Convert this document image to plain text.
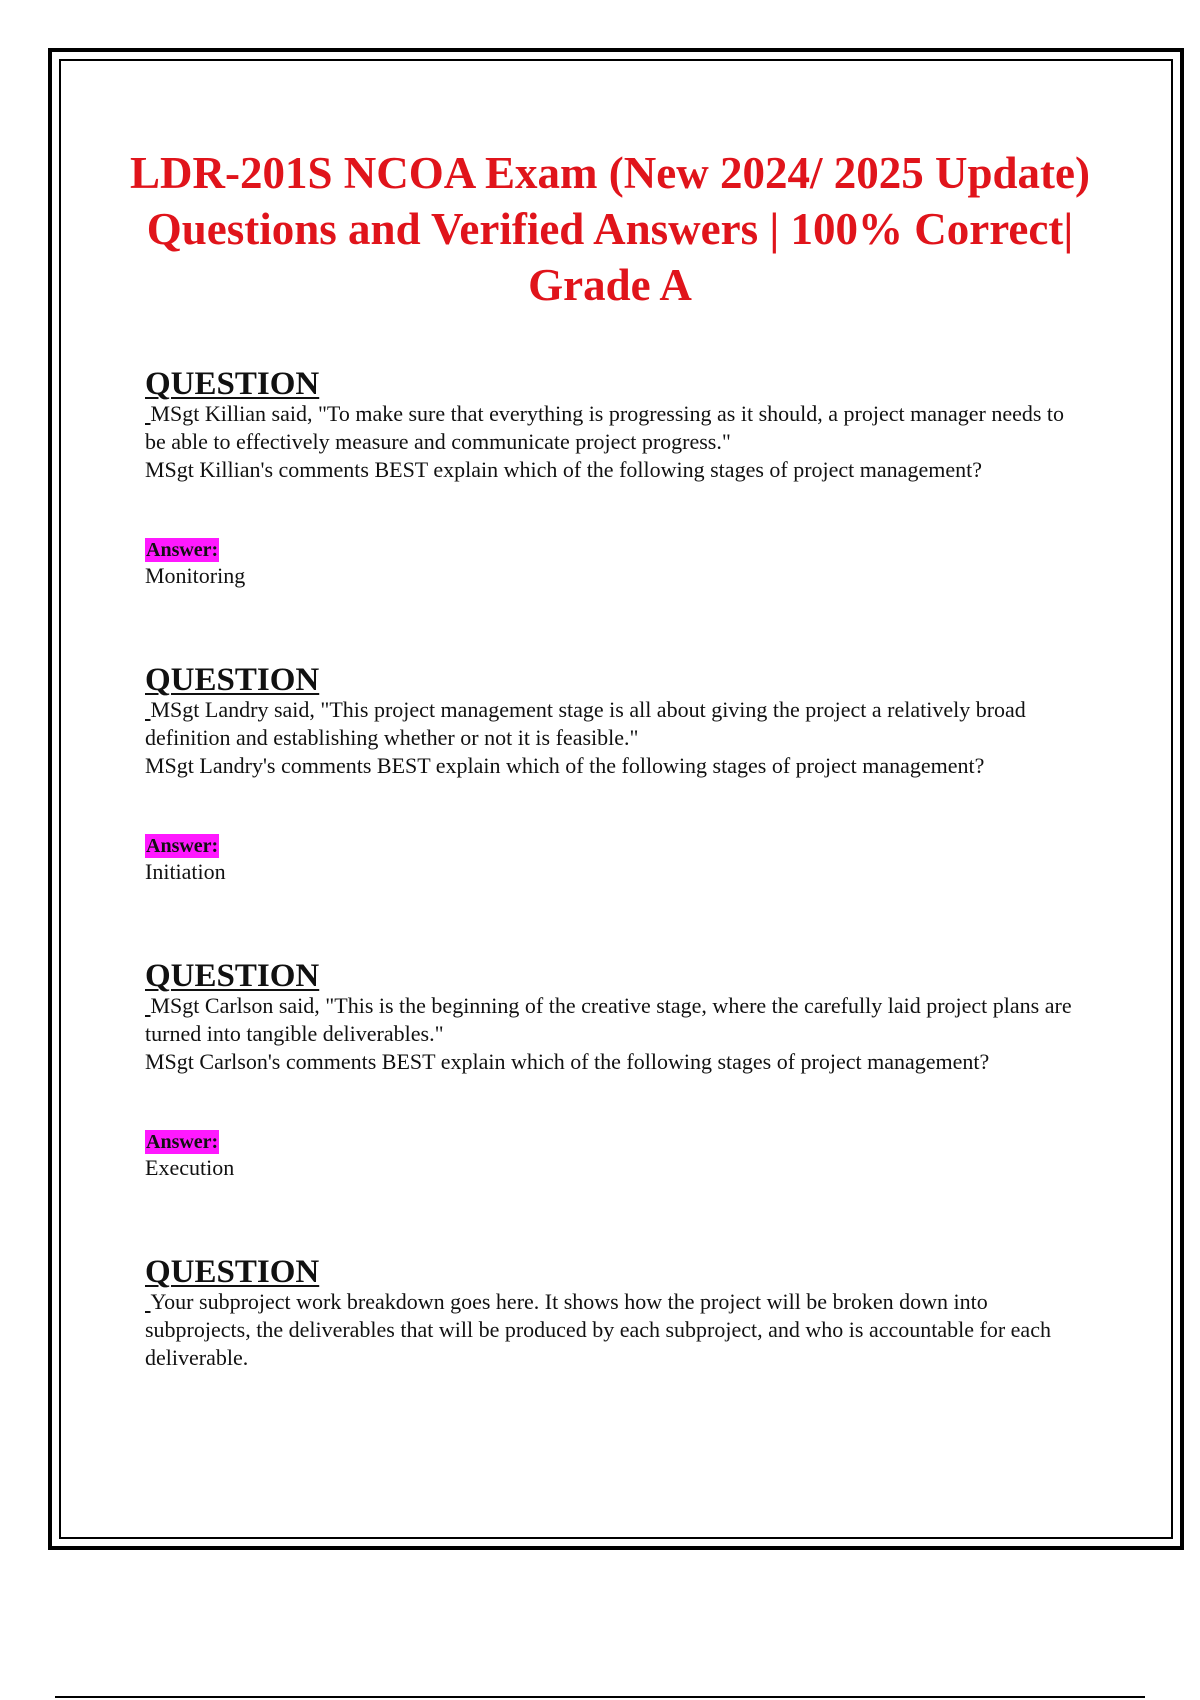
LDR-201S NCOA Exam (New 2024/ 2025 Update) Questions and Verified Answers | 100% Correct| Grade A
QUESTION

MSgt Killian said, "To make sure that everything is progressing as it should, a project manager needs to be able to effectively measure and communicate project progress."

MSgt Killian's comments BEST explain which of the following stages of project management?

Answer:

Monitoring

QUESTION

MSgt Landry said, "This project management stage is all about giving the project a relatively broad definition and establishing whether or not it is feasible."

MSgt Landry's comments BEST explain which of the following stages of project management?

Answer:

Initiation

QUESTION

MSgt Carlson said, "This is the beginning of the creative stage, where the carefully laid project plans are turned into tangible deliverables."

MSgt Carlson's comments BEST explain which of the following stages of project management?

Answer:

Execution

QUESTION

Your subproject work breakdown goes here. It shows how the project will be broken down into subprojects, the deliverables that will be produced by each subproject, and who is accountable for each deliverable.
